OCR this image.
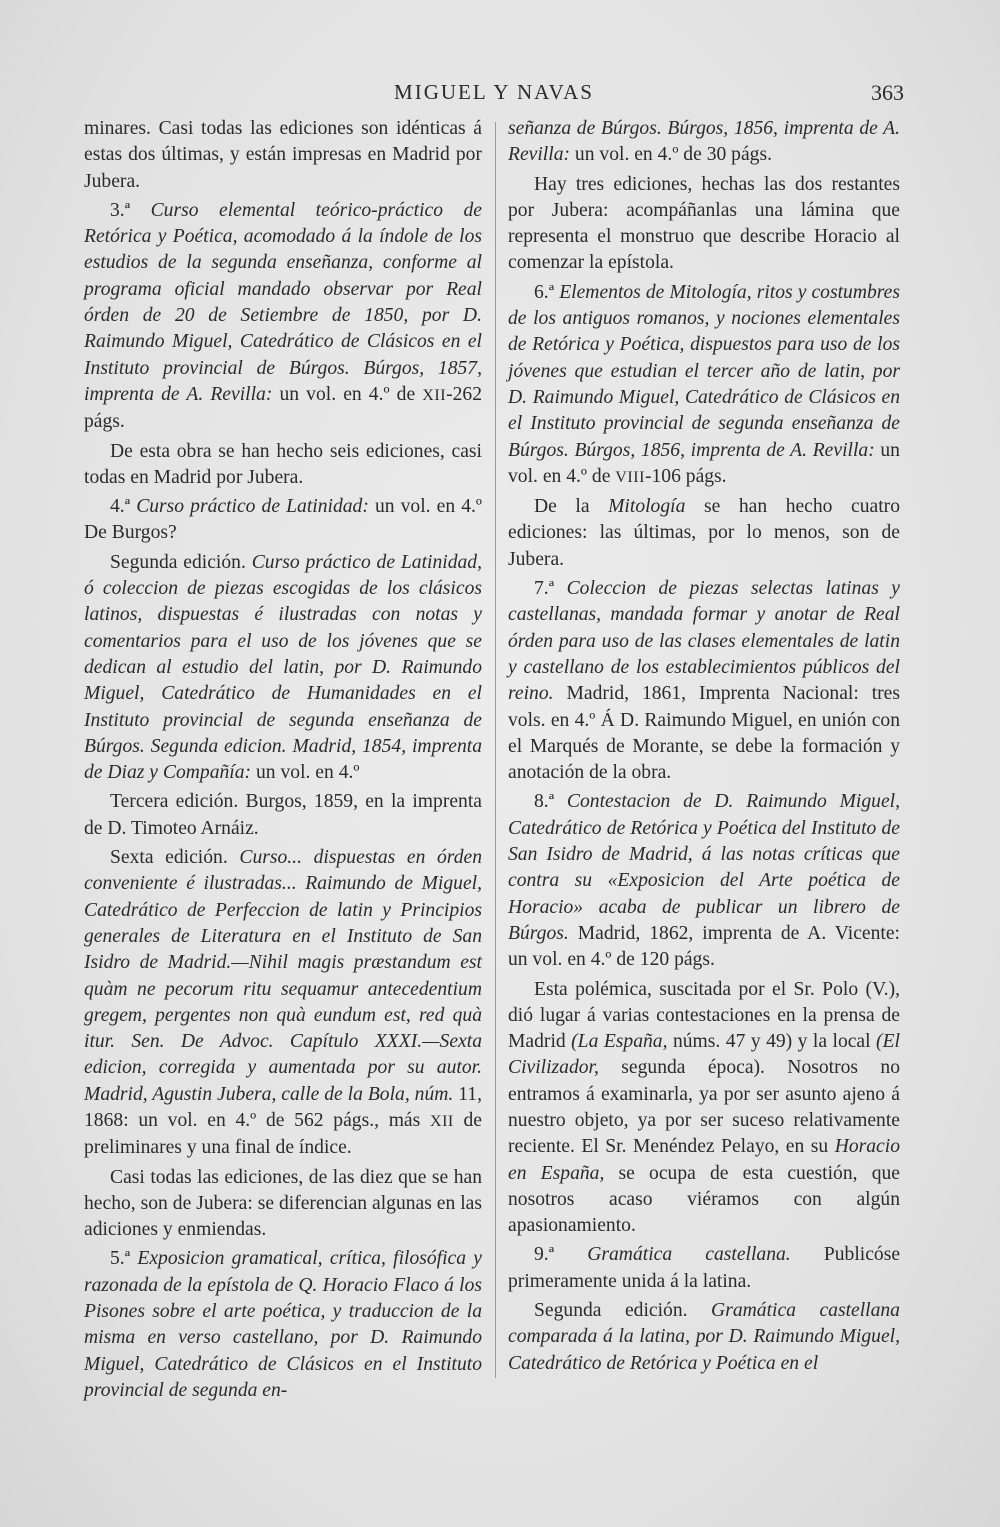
MIGUEL Y NAVAS	363

minares. Casi todas las ediciones son idénticas á estas dos últimas, y están impresas en Madrid por Jubera.

3.ª Curso elemental teórico-práctico de Retórica y Poética, acomodado á la índole de los estudios de la segunda enseñanza, conforme al programa oficial mandado observar por Real órden de 20 de Setiembre de 1850, por D. Raimundo Miguel, Catedrático de Clásicos en el Instituto provincial de Búrgos. Búrgos, 1857, imprenta de A. Revilla: un vol. en 4.º de XII-262 págs.

De esta obra se han hecho seis ediciones, casi todas en Madrid por Jubera.

4.ª Curso práctico de Latinidad: un vol. en 4.º De Burgos?

Segunda edición. Curso práctico de Latinidad, ó coleccion de piezas escogidas de los clásicos latinos, dispuestas é ilustradas con notas y comentarios para el uso de los jóvenes que se dedican al estudio del latin, por D. Raimundo Miguel, Catedrático de Humanidades en el Instituto provincial de segunda enseñanza de Búrgos. Segunda edicion. Madrid, 1854, imprenta de Diaz y Compañía: un vol. en 4.º

Tercera edición. Burgos, 1859, en la imprenta de D. Timoteo Arnáiz.

Sexta edición. Curso... dispuestas en órden conveniente é ilustradas... Raimundo de Miguel, Catedrático de Perfeccion de latin y Principios generales de Literatura en el Instituto de San Isidro de Madrid.—Nihil magis præstandum est quàm ne pecorum ritu sequamur antecedentium gregem, pergentes non quà eundum est, red quà itur. Sen. De Advoc. Capítulo XXXI.—Sexta edicion, corregida y aumentada por su autor. Madrid, Agustin Jubera, calle de la Bola, núm. 11, 1868: un vol. en 4.º de 562 págs., más XII de preliminares y una final de índice.

Casi todas las ediciones, de las diez que se han hecho, son de Jubera: se diferencian algunas en las adiciones y enmiendas.

5.ª Exposicion gramatical, crítica, filosófica y razonada de la epístola de Q. Horacio Flaco á los Pisones sobre el arte poética, y traduccion de la misma en verso castellano, por D. Raimundo Miguel, Catedrático de Clásicos en el Instituto provincial de segunda en-

señanza de Búrgos. Búrgos, 1856, imprenta de A. Revilla: un vol. en 4.º de 30 págs.

Hay tres ediciones, hechas las dos restantes por Jubera: acompáñanlas una lámina que representa el monstruo que describe Horacio al comenzar la epístola.

6.ª Elementos de Mitología, ritos y costumbres de los antiguos romanos, y nociones elementales de Retórica y Poética, dispuestos para uso de los jóvenes que estudian el tercer año de latin, por D. Raimundo Miguel, Catedrático de Clásicos en el Instituto provincial de segunda enseñanza de Búrgos. Búrgos, 1856, imprenta de A. Revilla: un vol. en 4.º de VIII-106 págs.

De la Mitología se han hecho cuatro ediciones: las últimas, por lo menos, son de Jubera.

7.ª Coleccion de piezas selectas latinas y castellanas, mandada formar y anotar de Real órden para uso de las clases elementales de latin y castellano de los establecimientos públicos del reino. Madrid, 1861, Imprenta Nacional: tres vols. en 4.º Á D. Raimundo Miguel, en unión con el Marqués de Morante, se debe la formación y anotación de la obra.

8.ª Contestacion de D. Raimundo Miguel, Catedrático de Retórica y Poética del Instituto de San Isidro de Madrid, á las notas críticas que contra su «Exposicion del Arte poética de Horacio» acaba de publicar un librero de Búrgos. Madrid, 1862, imprenta de A. Vicente: un vol. en 4.º de 120 págs.

Esta polémica, suscitada por el Sr. Polo (V.), dió lugar á varias contestaciones en la prensa de Madrid (La España, núms. 47 y 49) y la local (El Civilizador, segunda época). Nosotros no entramos á examinarla, ya por ser asunto ajeno á nuestro objeto, ya por ser suceso relativamente reciente. El Sr. Menéndez Pelayo, en su Horacio en España, se ocupa de esta cuestión, que nosotros acaso viéramos con algún apasionamiento.

9.ª Gramática castellana. Publicóse primeramente unida á la latina.

Segunda edición. Gramática castellana comparada á la latina, por D. Raimundo Miguel, Catedrático de Retórica y Poética en el
